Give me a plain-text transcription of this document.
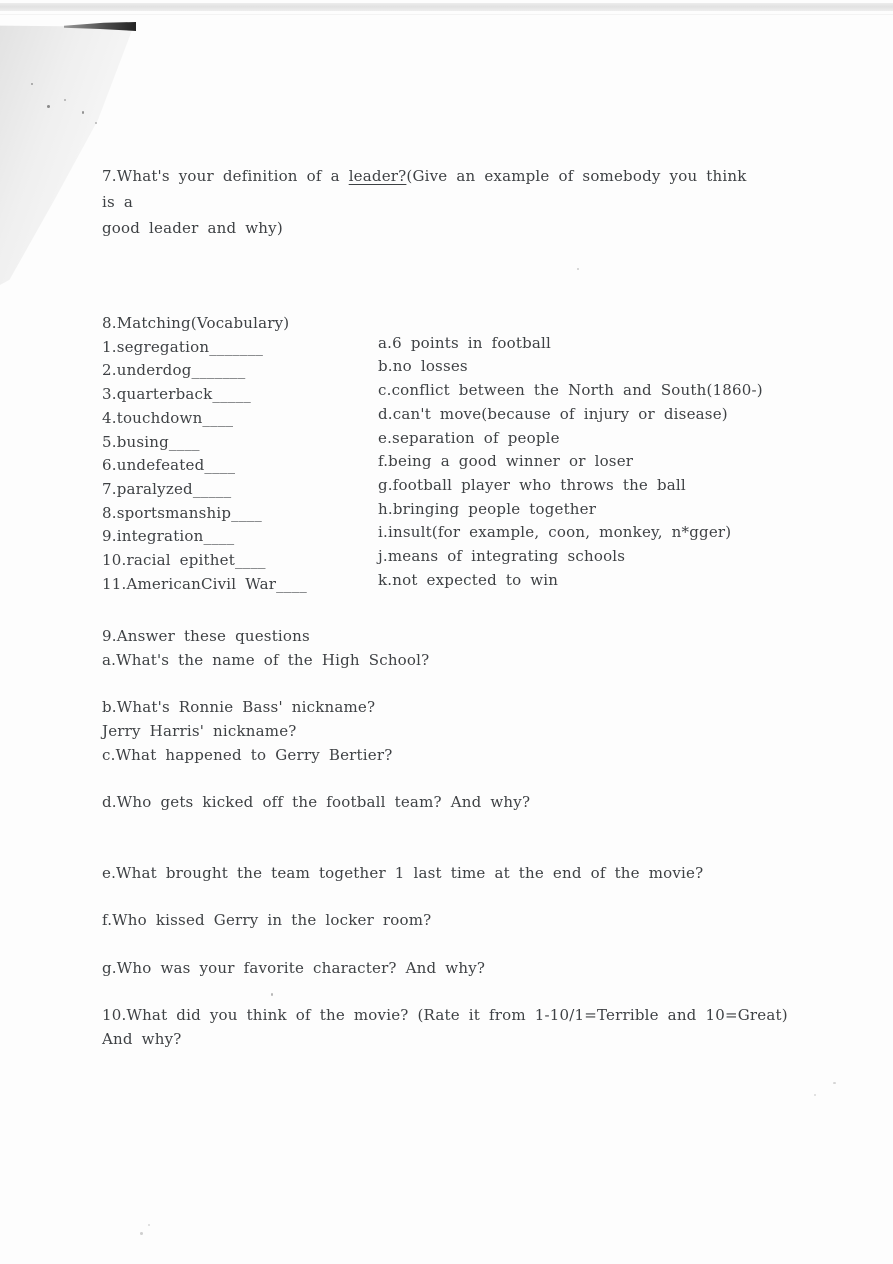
7.What's your definition of a leader?(Give an example of somebody you think is a
good leader and why)
8.Matching(Vocabulary)
1.segregation_______	a.6 points in football
2.underdog_______	b.no losses
3.quarterback_____	c.conflict between the North and South(1860-)
4.touchdown____	d.can't move(because of injury or disease)
5.busing____	e.separation of people
6.undefeated____	f.being a good winner or loser
7.paralyzed_____	g.football player who throws the ball
8.sportsmanship____	h.bringing people together
9.integration____	i.insult(for example, coon, monkey, n*gger)
10.racial epithet____	j.means of integrating schools
11.AmericanCivil War____	k.not expected to win
9.Answer these questions
a.What's the name of the High School?
b.What's Ronnie Bass' nickname?
Jerry Harris' nickname?
c.What happened to Gerry Bertier?
d.Who gets kicked off the football team? And why?
e.What brought the team together 1 last time at the end of the movie?
f.Who kissed Gerry in the locker room?
g.Who was your favorite character? And why?
10.What did you think of the movie? (Rate it from 1-10/1=Terrible and 10=Great)
And why?
